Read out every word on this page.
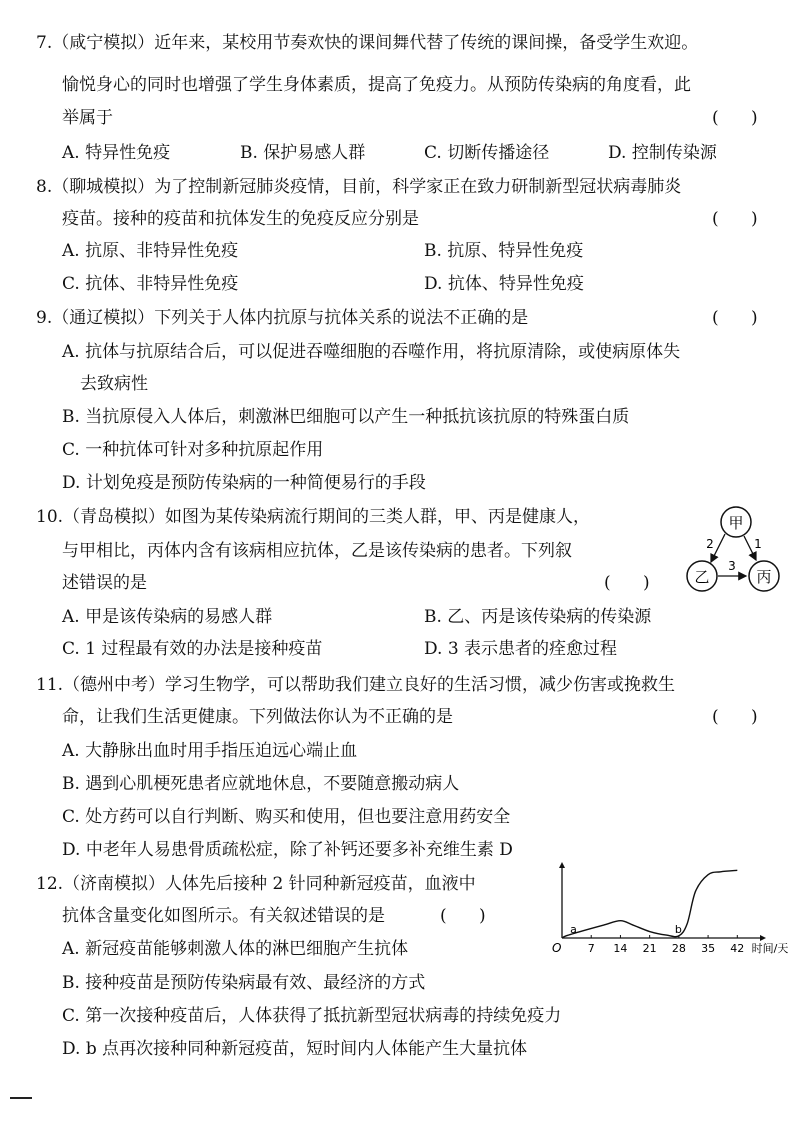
7.（咸宁模拟）近年来，某校用节奏欢快的课间舞代替了传统的课间操，备受学生欢迎。
愉悦身心的同时也增强了学生身体素质，提高了免疫力。从预防传染病的角度看，此
举属于	(      )
A. 特异性免疫	B. 保护易感人群	C. 切断传播途径	D. 控制传染源
8.（聊城模拟）为了控制新冠肺炎疫情，目前，科学家正在致力研制新型冠状病毒肺炎
疫苗。接种的疫苗和抗体发生的免疫反应分别是	(      )
A. 抗原、非特异性免疫	B. 抗原、特异性免疫
C. 抗体、非特异性免疫	D. 抗体、特异性免疫
9.（通辽模拟）下列关于人体内抗原与抗体关系的说法不正确的是	(      )
A. 抗体与抗原结合后，可以促进吞噬细胞的吞噬作用，将抗原清除，或使病原体失
去致病性
B. 当抗原侵入人体后，刺激淋巴细胞可以产生一种抵抗该抗原的特殊蛋白质
C. 一种抗体可针对多种抗原起作用
D. 计划免疫是预防传染病的一种简便易行的手段
10.（青岛模拟）如图为某传染病流行期间的三类人群，甲、丙是健康人，
与甲相比，丙体内含有该病相应抗体，乙是该传染病的患者。下列叙
述错误的是	(      )
A. 甲是该传染病的易感人群	B. 乙、丙是该传染病的传染源
C. 1 过程最有效的办法是接种疫苗	D. 3 表示患者的痊愈过程
甲
乙	丙
2	1
3
11.（德州中考）学习生物学，可以帮助我们建立良好的生活习惯，减少伤害或挽救生
命，让我们生活更健康。下列做法你认为不正确的是	(      )
A. 大静脉出血时用手指压迫远心端止血
B. 遇到心肌梗死患者应就地休息，不要随意搬动病人
C. 处方药可以自行判断、购买和使用，但也要注意用药安全
D. 中老年人易患骨质疏松症，除了补钙还要多补充维生素 D
12.（济南模拟）人体先后接种 2 针同种新冠疫苗，血液中
抗体含量变化如图所示。有关叙述错误的是	(      )
A. 新冠疫苗能够刺激人体的淋巴细胞产生抗体
B. 接种疫苗是预防传染病最有效、最经济的方式
C. 第一次接种疫苗后，人体获得了抵抗新型冠状病毒的持续免疫力
D. b 点再次接种同种新冠疫苗，短时间内人体能产生大量抗体
O 7 14 21 28 35 42 时间/天
a	b
